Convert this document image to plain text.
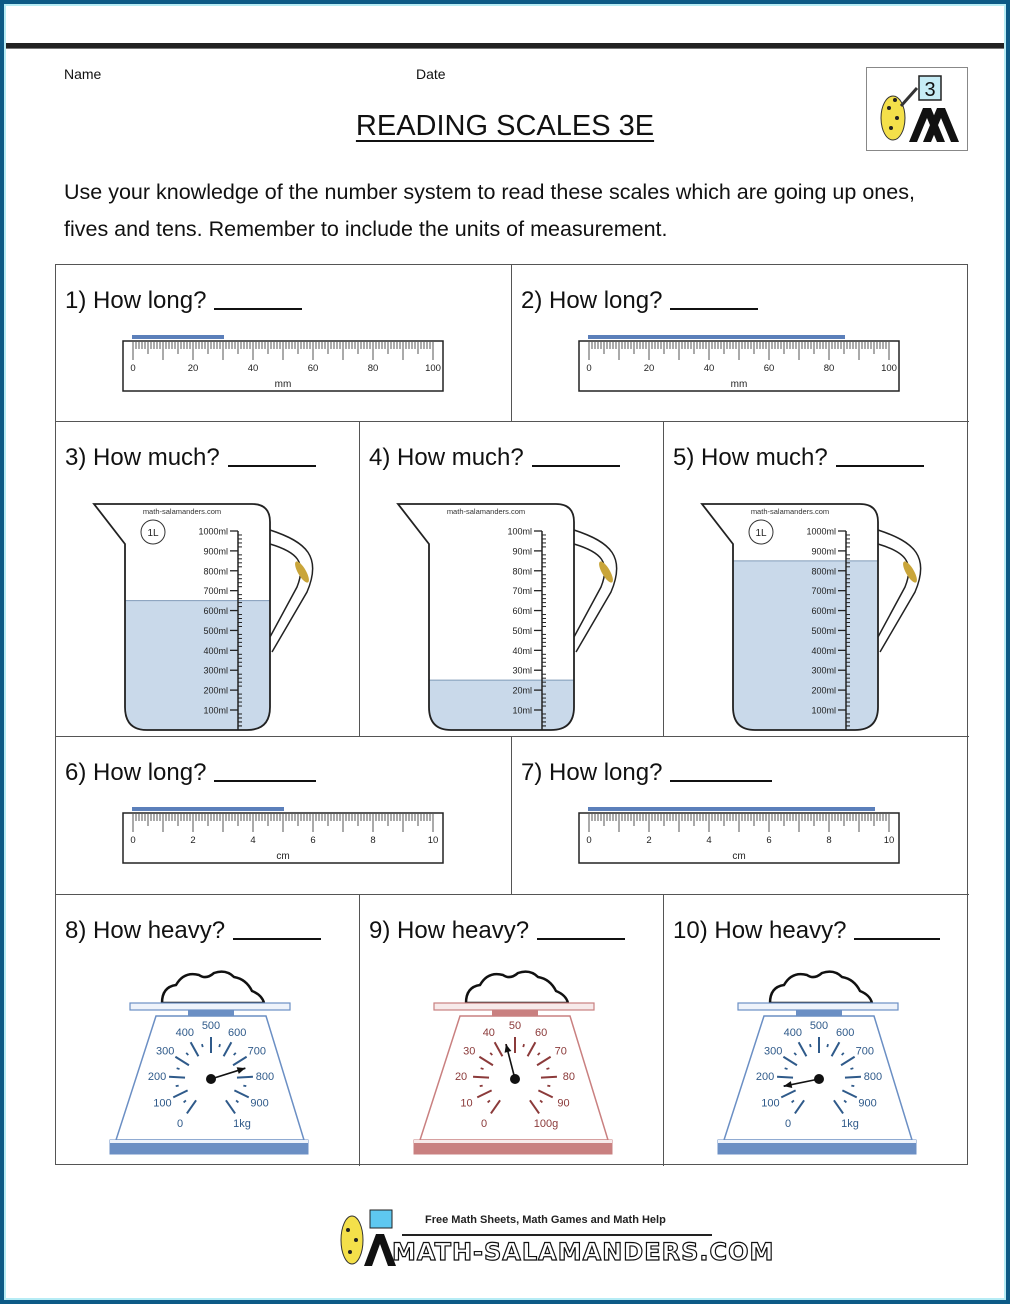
Name	Date
3
READING SCALES 3E
Use your knowledge of the number system to read these scales which are going up ones, fives and tens. Remember to include the units of measurement.
1) How long?
0	20	40	60	80	100
mm
2) How long?
0	20	40	60	80	100
mm
3) How much?
math-salamanders.com
1L	1000ml
900ml
800ml
700ml
600ml
500ml
400ml
300ml
200ml
100ml
4) How much?
math-salamanders.com
100ml
90ml
80ml
70ml
60ml
50ml
40ml
30ml
20ml
10ml
5) How much?
math-salamanders.com
1L	1000ml
900ml
800ml
700ml
600ml
500ml
400ml
300ml
200ml
100ml
6) How long?
0	2	4	6	8	10
cm
7) How long?
0	2	4	6	8	10
cm
8) How heavy?
0
100
200
300
400
500
600
700
800
900
1kg
9) How heavy?
0
10
20
30
40
50
60
70
80
90
100g
10) How heavy?
0
100
200
300
400
500
600
700
800
900
1kg
Free Math Sheets, Math Games and Math Help
MATH-SALAMANDERS.COM
